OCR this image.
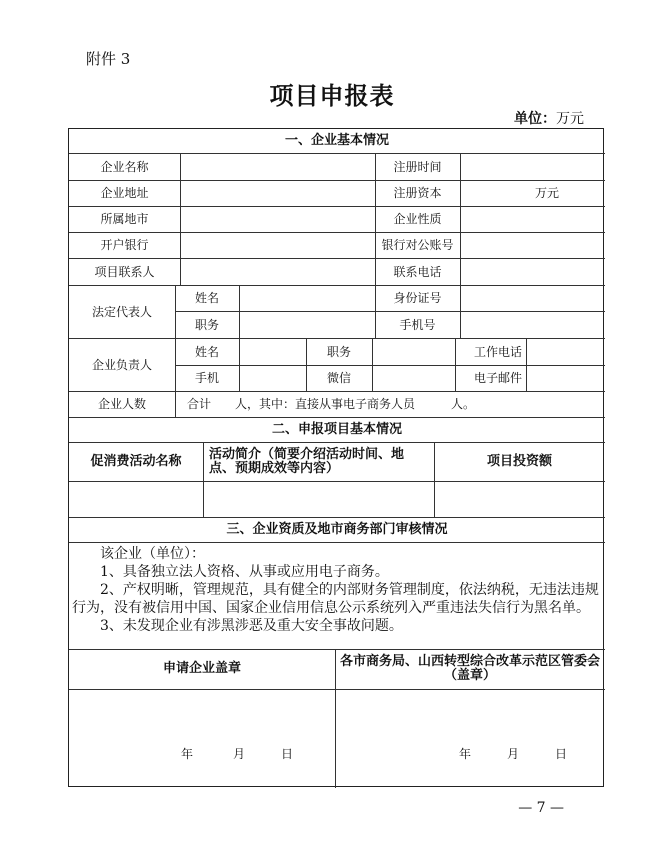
附件 3
项目申报表
单位：万元
一、企业基本情况
企业名称	注册时间
企业地址	注册资本	万元
所属地市	企业性质
开户银行	银行对公账号
项目联系人	联系电话
法定代表人
姓名	身份证号
职务	手机号
企业负责人
姓名	职务	工作电话
手机	微信	电子邮件
企业人数	合计　　人，其中：直接从事电子商务人员　　　人。
二、申报项目基本情况
促消费活动名称	活动简介（简要介绍活动时间、地点、预期成效等内容）	项目投资额
三、企业资质及地市商务部门审核情况
申请企业盖章	各市商务局、山西转型综合改革示范区管委会（盖章）
年	月	日	年	月	日

　　该企业（单位）：

　　1、具备独立法人资格、从事或应用电子商务。

　　2、产权明晰，管理规范，具有健全的内部财务管理制度，依法纳税，无违法违规行为，没有被信用中国、国家企业信用信息公示系统列入严重违法失信行为黑名单。

　　3、未发现企业有涉黑涉恶及重大安全事故问题。

— 7 —
